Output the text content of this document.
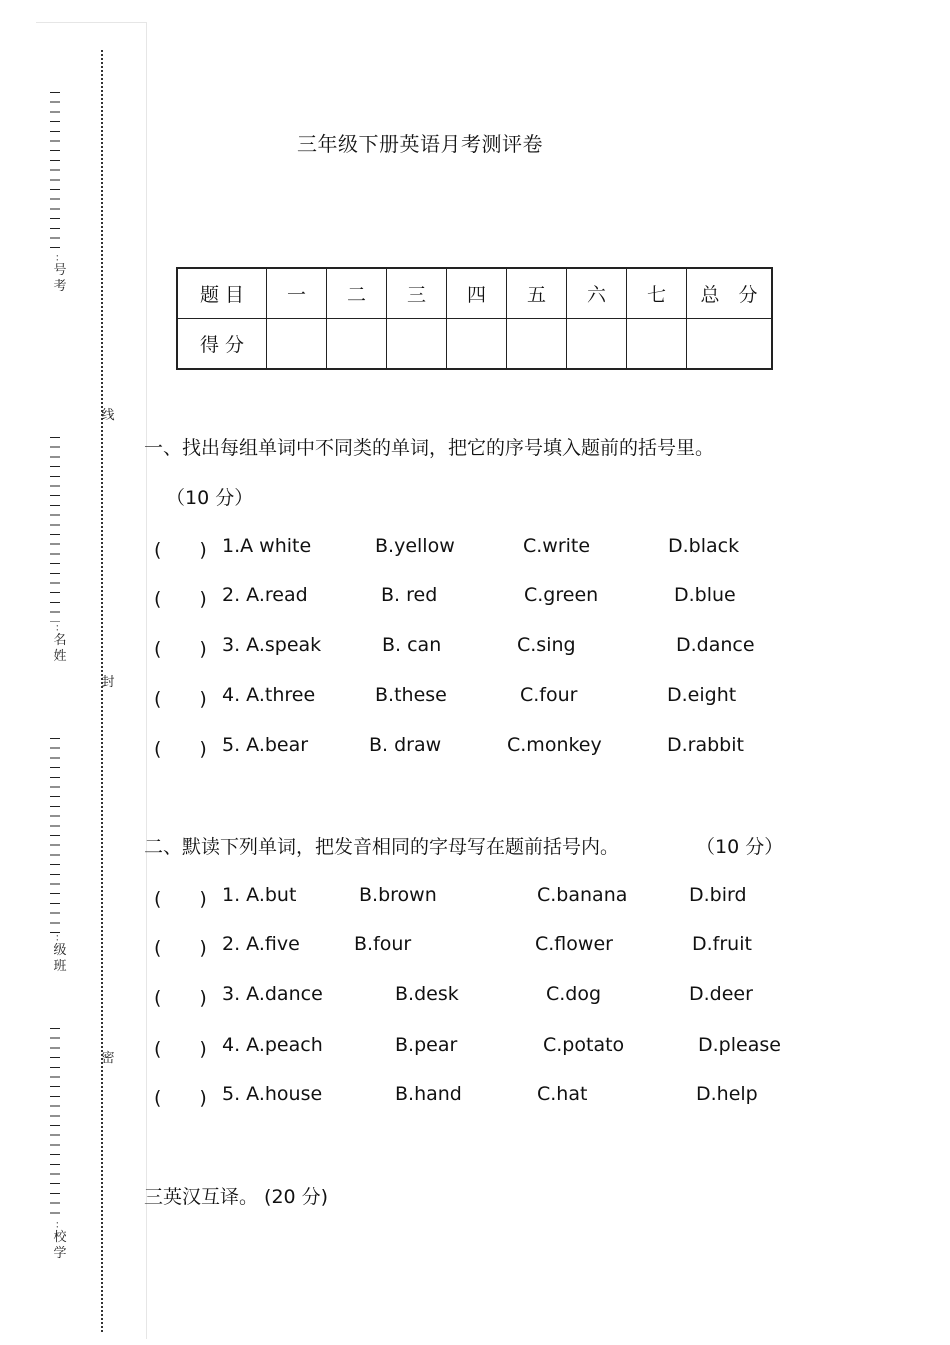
：
号考
：
名姓
：
级班
：
校学
线
封
密
三年级下册英语月考测评卷
题 目	一	二	三	四	五	六	七	总　分
得 分								
一、找出每组单词中不同类的单词，把它的序号填入题前的括号里。
（10 分）
(　　) 1.A white	B.yellow	C.write	D.black
(　　) 2. A.read	B. red	C.green	D.blue
(　　) 3. A.speak	B. can	C.sing	D.dance
(　　) 4. A.three	B.these	C.four	D.eight
(　　) 5. A.bear	B. draw	C.monkey	D.rabbit
二、默读下列单词，把发音相同的字母写在题前括号内。	（10 分）
(　　) 1. A.but	B.brown	C.banana	D.bird
(　　) 2. A.five	B.four	C.flower	D.fruit
(　　) 3. A.dance	B.desk	C.dog	D.deer
(　　) 4. A.peach	B.pear	C.potato	D.please
(　　) 5. A.house	B.hand	C.hat	D.help
三英汉互译。 (20 分)
